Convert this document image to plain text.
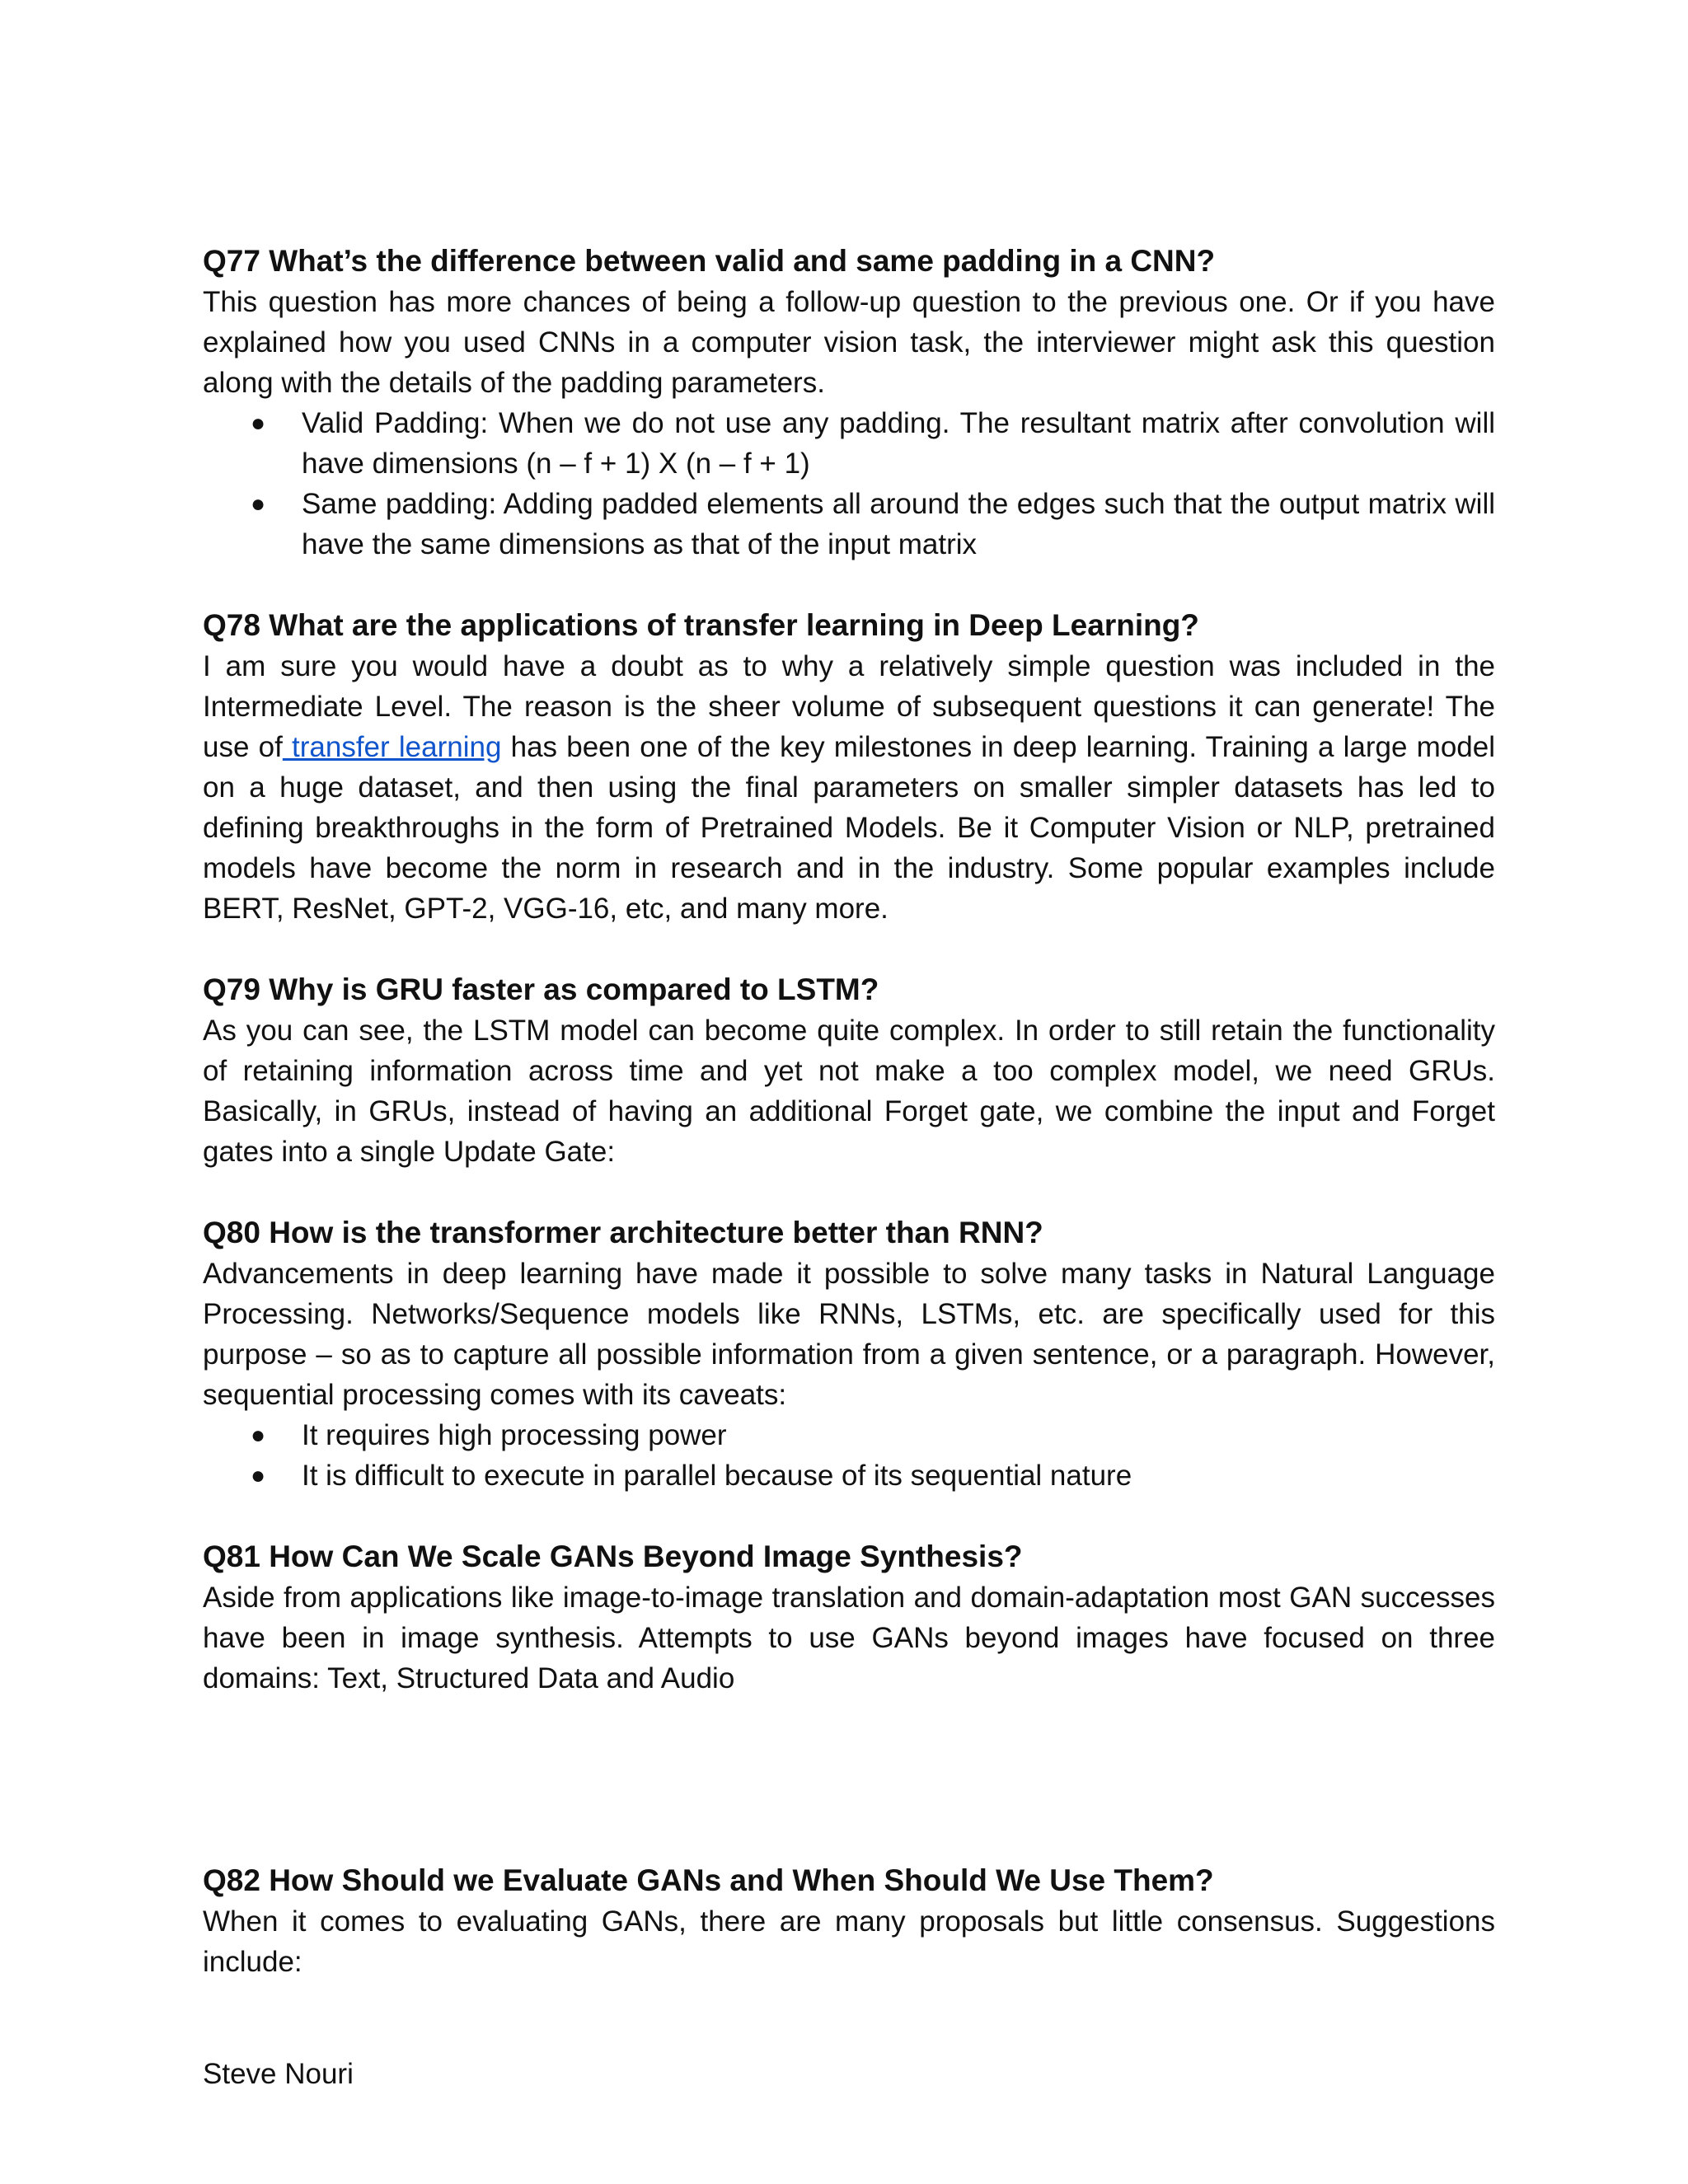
Q77 What’s the difference between valid and same padding in a CNN?

This question has more chances of being a follow-up question to the previous one. Or if you have explained how you used CNNs in a computer vision task, the interviewer might ask this question along with the details of the padding parameters.

● Valid Padding: When we do not use any padding. The resultant matrix after convolution will have dimensions (n – f + 1) X (n – f + 1)
● Same padding: Adding padded elements all around the edges such that the output matrix will have the same dimensions as that of the input matrix
Q78 What are the applications of transfer learning in Deep Learning?

I am sure you would have a doubt as to why a relatively simple question was included in the Intermediate Level. The reason is the sheer volume of subsequent questions it can generate! The use of transfer learning has been one of the key milestones in deep learning. Training a large model on a huge dataset, and then using the final parameters on smaller simpler datasets has led to defining breakthroughs in the form of Pretrained Models. Be it Computer Vision or NLP, pretrained models have become the norm in research and in the industry. Some popular examples include BERT, ResNet, GPT-2, VGG-16, etc, and many more.

Q79 Why is GRU faster as compared to LSTM?

As you can see, the LSTM model can become quite complex. In order to still retain the functionality of retaining information across time and yet not make a too complex model, we need GRUs. Basically, in GRUs, instead of having an additional Forget gate, we combine the input and Forget gates into a single Update Gate:

Q80 How is the transformer architecture better than RNN?

Advancements in deep learning have made it possible to solve many tasks in Natural Language Processing. Networks/Sequence models like RNNs, LSTMs, etc. are specifically used for this purpose – so as to capture all possible information from a given sentence, or a paragraph. However, sequential processing comes with its caveats:

● It requires high processing power
● It is difficult to execute in parallel because of its sequential nature
Q81 How Can We Scale GANs Beyond Image Synthesis?

Aside from applications like image-to-image translation and domain-adaptation most GAN successes have been in image synthesis. Attempts to use GANs beyond images have focused on three domains: Text, Structured Data and Audio

Q82 How Should we Evaluate GANs and When Should We Use Them?

When it comes to evaluating GANs, there are many proposals but little consensus. Suggestions include:

Steve Nouri
